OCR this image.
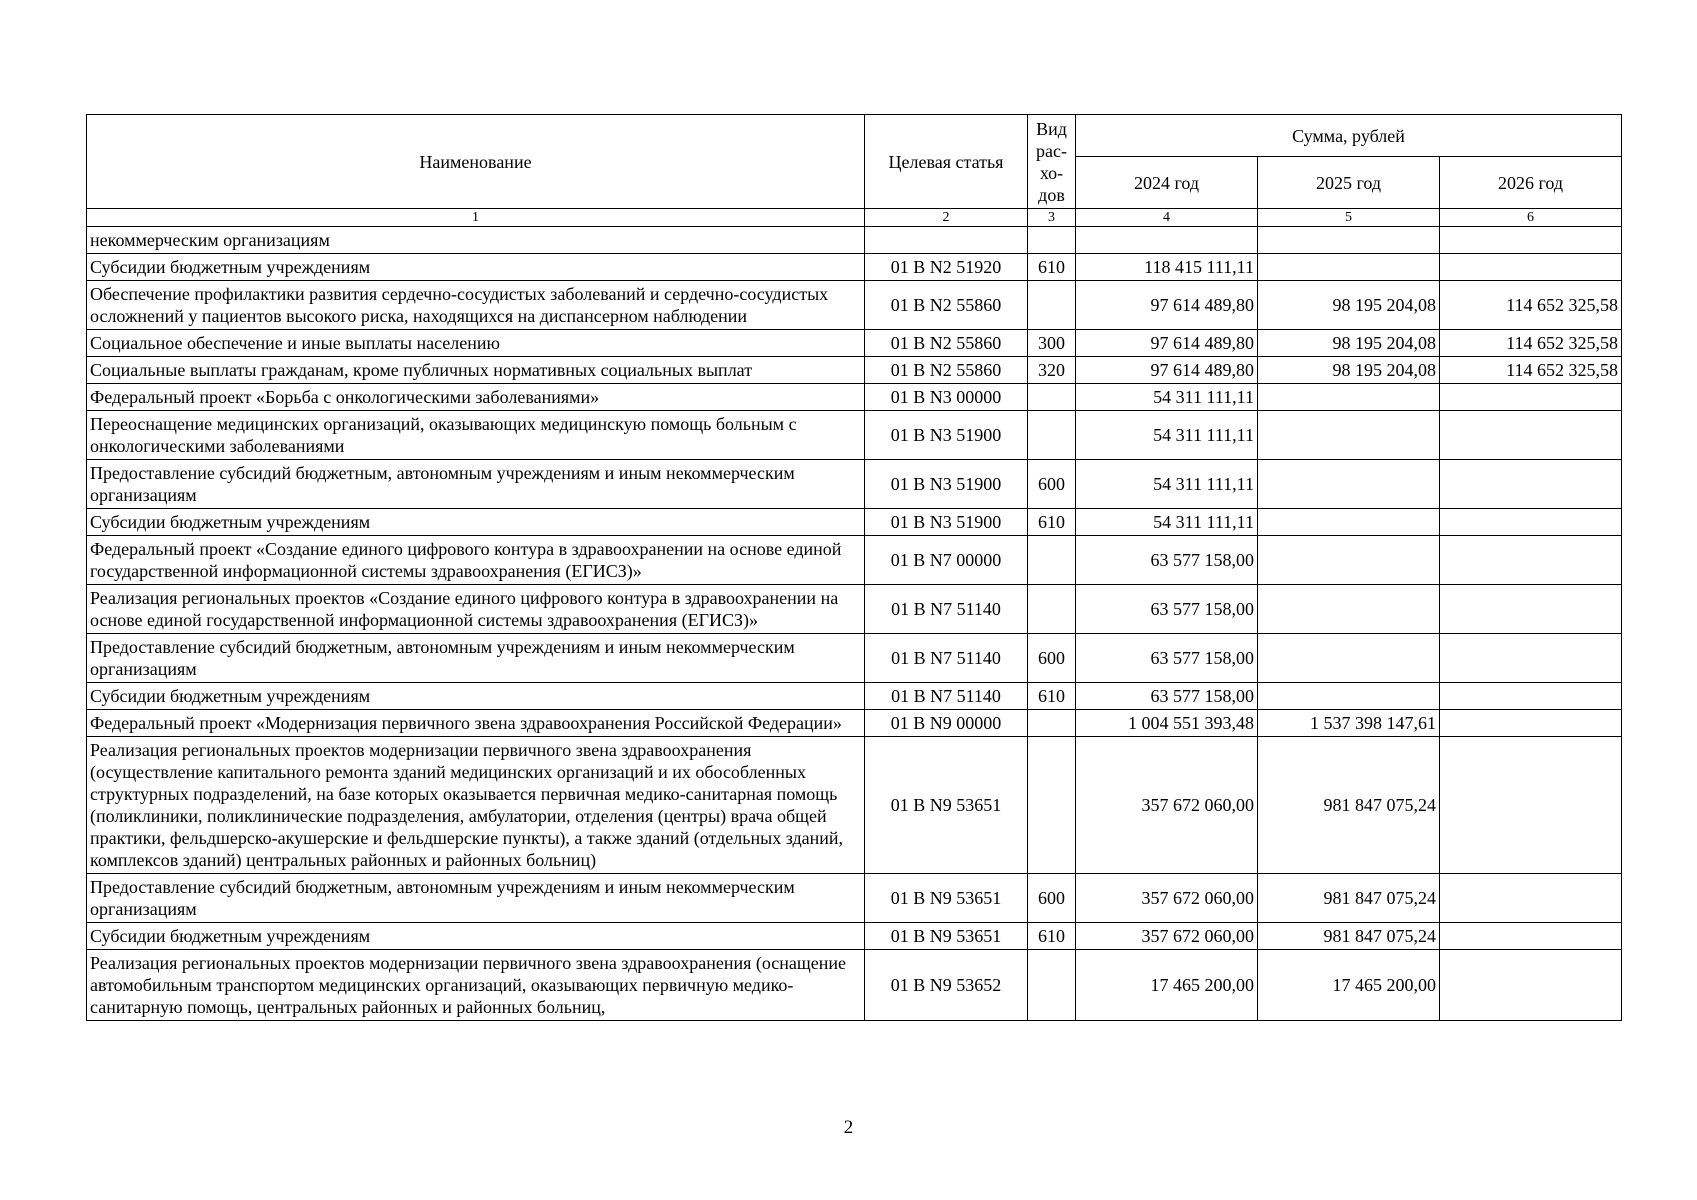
Наименование	Целевая статья	Вид рас-хо-дов	Сумма, рублей		
			2024 год	2025 год	2026 год
1	2	3	4	5	6
некоммерческим организациям					
Субсидии бюджетным учреждениям	01 В N2 51920	610	118 415 111,11		
Обеспечение профилактики развития сердечно-сосудистых заболеваний и сердечно-сосудистых осложнений у пациентов высокого риска, находящихся на диспансерном наблюдении	01 В N2 55860		97 614 489,80	98 195 204,08	114 652 325,58
Социальное обеспечение и иные выплаты населению	01 В N2 55860	300	97 614 489,80	98 195 204,08	114 652 325,58
Социальные выплаты гражданам, кроме публичных нормативных социальных выплат	01 В N2 55860	320	97 614 489,80	98 195 204,08	114 652 325,58
Федеральный проект «Борьба с онкологическими заболеваниями»	01 В N3 00000		54 311 111,11		
Переоснащение медицинских организаций, оказывающих медицинскую помощь больным с онкологическими заболеваниями	01 В N3 51900		54 311 111,11		
Предоставление субсидий бюджетным, автономным учреждениям и иным некоммерческим организациям	01 В N3 51900	600	54 311 111,11		
Субсидии бюджетным учреждениям	01 В N3 51900	610	54 311 111,11		
Федеральный проект «Создание единого цифрового контура в здравоохранении на основе единой государственной информационной системы здравоохранения (ЕГИСЗ)»	01 В N7 00000		63 577 158,00		
Реализация региональных проектов «Создание единого цифрового контура в здравоохранении на основе единой государственной информационной системы здравоохранения (ЕГИСЗ)»	01 В N7 51140		63 577 158,00		
Предоставление субсидий бюджетным, автономным учреждениям и иным некоммерческим организациям	01 В N7 51140	600	63 577 158,00		
Субсидии бюджетным учреждениям	01 В N7 51140	610	63 577 158,00		
Федеральный проект «Модернизация первичного звена здравоохранения Российской Федерации»	01 В N9 00000		1 004 551 393,48	1 537 398 147,61	
Реализация региональных проектов модернизации первичного звена здравоохранения (осуществление капитального ремонта зданий медицинских организаций и их обособленных структурных подразделений, на базе которых оказывается первичная медико-санитарная помощь (поликлиники, поликлинические подразделения, амбулатории, отделения (центры) врача общей практики, фельдшерско-акушерские и фельдшерские пункты), а также зданий (отдельных зданий, комплексов зданий) центральных районных и районных больниц)	01 В N9 53651		357 672 060,00	981 847 075,24	
Предоставление субсидий бюджетным, автономным учреждениям и иным некоммерческим организациям	01 В N9 53651	600	357 672 060,00	981 847 075,24	
Субсидии бюджетным учреждениям	01 В N9 53651	610	357 672 060,00	981 847 075,24	
Реализация региональных проектов модернизации первичного звена здравоохранения (оснащение автомобильным транспортом медицинских организаций, оказывающих первичную медико-санитарную помощь, центральных районных и районных больниц,	01 В N9 53652		17 465 200,00	17 465 200,00	
2
